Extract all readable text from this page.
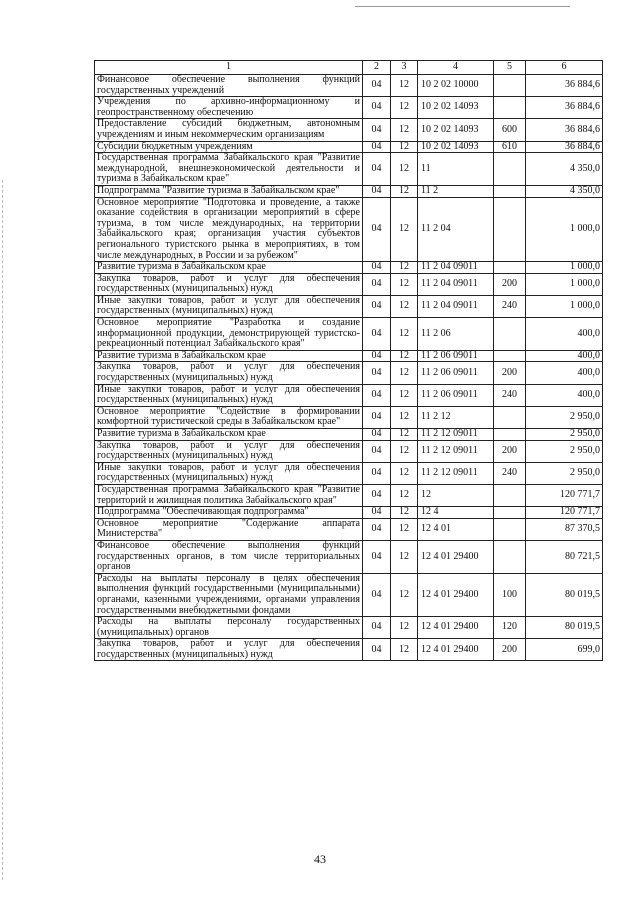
1	2	3	4	5	6
Финансовое обеспечение выполнения функций государственных учреждений	04	12	10 2 02 10000		36 884,6
Учреждения по архивно-информационному и геопространственному обеспечению	04	12	10 2 02 14093		36 884,6
Предоставление субсидий бюджетным, автономным учреждениям и иным некоммерческим организациям	04	12	10 2 02 14093	600	36 884,6
Субсидии бюджетным учреждениям	04	12	10 2 02 14093	610	36 884,6
Государственная программа Забайкальского края "Развитие международной, внешнеэкономической деятельности и туризма в Забайкальском крае"	04	12	11		4 350,0
Подпрограмма "Развитие туризма в Забайкальском крае"	04	12	11 2		4 350,0
Основное мероприятие "Подготовка и проведение, а также оказание содействия в организации мероприятий в сфере туризма, в том числе международных, на территории Забайкальского края; организация участия субъектов регионального туристского рынка в мероприятиях, в том числе международных, в России и за рубежом"	04	12	11 2 04		1 000,0
Развитие туризма в Забайкальском крае	04	12	11 2 04 09011		1 000,0
Закупка товаров, работ и услуг для обеспечения государственных (муниципальных) нужд	04	12	11 2 04 09011	200	1 000,0
Иные закупки товаров, работ и услуг для обеспечения государственных (муниципальных) нужд	04	12	11 2 04 09011	240	1 000,0
Основное мероприятие "Разработка и создание информационной продукции, демонстрирующей туристско-рекреационный потенциал Забайкальского края"	04	12	11 2 06		400,0
Развитие туризма в Забайкальском крае	04	12	11 2 06 09011		400,0
Закупка товаров, работ и услуг для обеспечения государственных (муниципальных) нужд	04	12	11 2 06 09011	200	400,0
Иные закупки товаров, работ и услуг для обеспечения государственных (муниципальных) нужд	04	12	11 2 06 09011	240	400,0
Основное мероприятие "Содействие в формировании комфортной туристической среды в Забайкальском крае"	04	12	11 2 12		2 950,0
Развитие туризма в Забайкальском крае	04	12	11 2 12 09011		2 950,0
Закупка товаров, работ и услуг для обеспечения государственных (муниципальных) нужд	04	12	11 2 12 09011	200	2 950,0
Иные закупки товаров, работ и услуг для обеспечения государственных (муниципальных) нужд	04	12	11 2 12 09011	240	2 950,0
Государственная программа Забайкальского края "Развитие территорий и жилищная политика Забайкальского края"	04	12	12		120 771,7
Подпрограмма "Обеспечивающая подпрограмма"	04	12	12 4		120 771,7
Основное мероприятие "Содержание аппарата Министерства"	04	12	12 4 01		87 370,5
Финансовое обеспечение выполнения функций государственных органов, в том числе территориальных органов	04	12	12 4 01 29400		80 721,5
Расходы на выплаты персоналу в целях обеспечения выполнения функций государственными (муниципальными) органами, казенными учреждениями, органами управления государственными внебюджетными фондами	04	12	12 4 01 29400	100	80 019,5
Расходы на выплаты персоналу государственных (муниципальных) органов	04	12	12 4 01 29400	120	80 019,5
Закупка товаров, работ и услуг для обеспечения государственных (муниципальных) нужд	04	12	12 4 01 29400	200	699,0
43
